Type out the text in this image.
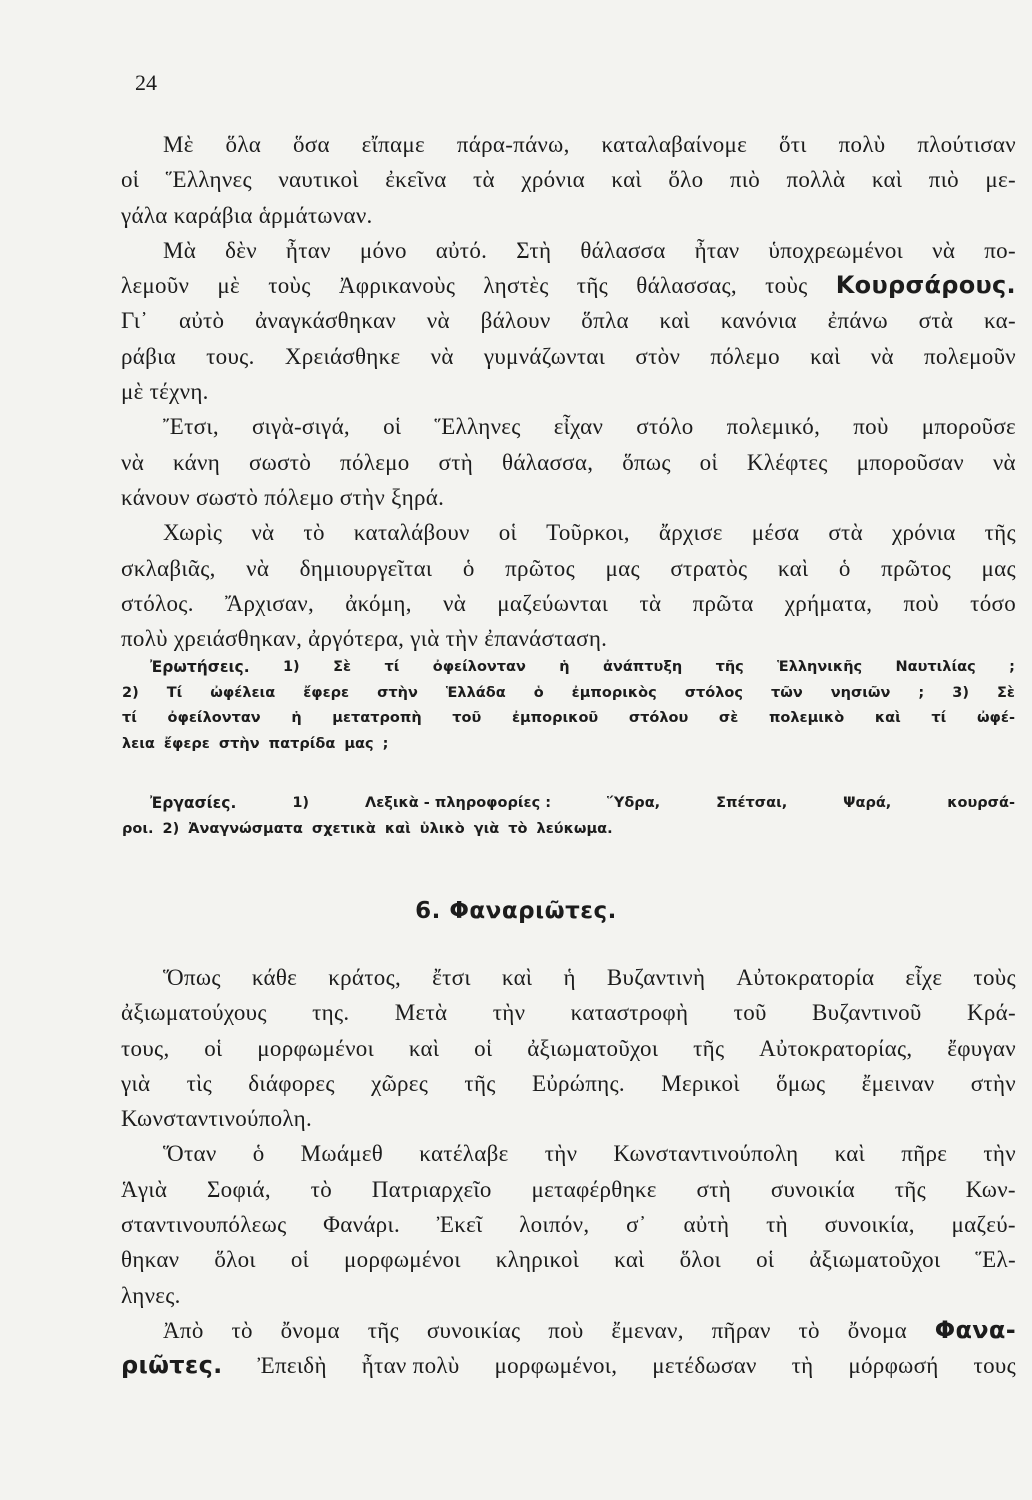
24
Μὲ ὅλα ὅσα εἴπαμε πάρα-πάνω, καταλαβαίνομε ὅτι πολὺ πλούτισαν
οἱ Ἕλληνες ναυτικοὶ ἐκεῖνα τὰ χρόνια καὶ ὅλο πιὸ πολλὰ καὶ πιὸ με-
γάλα καράβια ἁρμάτωναν.
Μὰ δὲν ἦταν μόνο αὐτό. Στὴ θάλασσα ἦταν ὑποχρεωμένοι νὰ πο-
λεμοῦν μὲ τοὺς Ἀφρικανοὺς ληστὲς τῆς θάλασσας, τοὺς Κουρσάρους.
Γι᾽ αὐτὸ ἀναγκάσθηκαν νὰ βάλουν ὅπλα καὶ κανόνια ἐπάνω στὰ κα-
ράβια τους. Χρειάσθηκε νὰ γυμνάζωνται στὸν πόλεμο καὶ νὰ πολεμοῦν
μὲ τέχνη.
Ἔτσι, σιγὰ-σιγά, οἱ Ἕλληνες εἶχαν στόλο πολεμικό, ποὺ μποροῦσε
νὰ κάνη σωστὸ πόλεμο στὴ θάλασσα, ὅπως οἱ Κλέφτες μποροῦσαν νὰ
κάνουν σωστὸ πόλεμο στὴν ξηρά.
Χωρὶς νὰ τὸ καταλάβουν οἱ Τοῦρκοι, ἄρχισε μέσα στὰ χρόνια τῆς
σκλαβιᾶς, νὰ δημιουργεῖται ὁ πρῶτος μας στρατὸς καὶ ὁ πρῶτος μας
στόλος. Ἄρχισαν, ἀκόμη, νὰ μαζεύωνται τὰ πρῶτα χρήματα, ποὺ τόσο
πολὺ χρειάσθηκαν, ἀργότερα, γιὰ τὴν ἐπανάσταση.
Ἐρωτήσεις. 1) Σὲ τί ὀφείλονταν ἡ ἀνάπτυξη τῆς Ἑλληνικῆς Ναυτιλίας ;
2) Τί ὠφέλεια ἔφερε στὴν Ἑλλάδα ὁ ἐμπορικὸς στόλος τῶν νησιῶν ; 3) Σὲ
τί ὀφείλονταν ἡ μετατροπὴ τοῦ ἐμπορικοῦ στόλου σὲ πολεμικὸ καὶ τί ὠφέ-
λεια ἔφερε στὴν πατρίδα μας ;
Ἐργασίες.	1)	Λεξικὰ - πληροφορίες :	Ὕδρα,	Σπέτσαι,	Ψαρά,	κουρσά-
ροι. 2) Ἀναγνώσματα σχετικὰ καὶ ὑλικὸ γιὰ τὸ λεύκωμα.
6. Φαναριῶτες.
Ὅπως κάθε κράτος, ἔτσι καὶ ἡ Βυζαντινὴ Αὐτοκρατορία εἶχε τοὺς
ἀξιωματούχους της. Μετὰ τὴν καταστροφὴ τοῦ Βυζαντινοῦ Κρά-
τους, οἱ μορφωμένοι καὶ οἱ ἀξιωματοῦχοι τῆς Αὐτοκρατορίας, ἔφυγαν
γιὰ τὶς διάφορες χῶρες τῆς Εὐρώπης. Μερικοὶ ὅμως ἔμειναν στὴν
Κωνσταντινούπολη.
Ὅταν ὁ Μωάμεθ κατέλαβε τὴν Κωνσταντινούπολη καὶ πῆρε τὴν
Ἁγιὰ Σοφιά, τὸ Πατριαρχεῖο μεταφέρθηκε στὴ συνοικία τῆς Κων-
σταντινουπόλεως Φανάρι. Ἐκεῖ λοιπόν, σ᾽ αὐτὴ τὴ συνοικία, μαζεύ-
θηκαν ὅλοι οἱ μορφωμένοι κληρικοὶ καὶ ὅλοι οἱ ἀξιωματοῦχοι Ἕλ-
ληνες.
Ἀπὸ τὸ ὄνομα τῆς συνοικίας ποὺ ἔμεναν, πῆραν τὸ ὄνομα Φανα-
ριῶτες. Ἐπειδὴ ἦταν πολὺ μορφωμένοι, μετέδωσαν τὴ μόρφωσή τους
